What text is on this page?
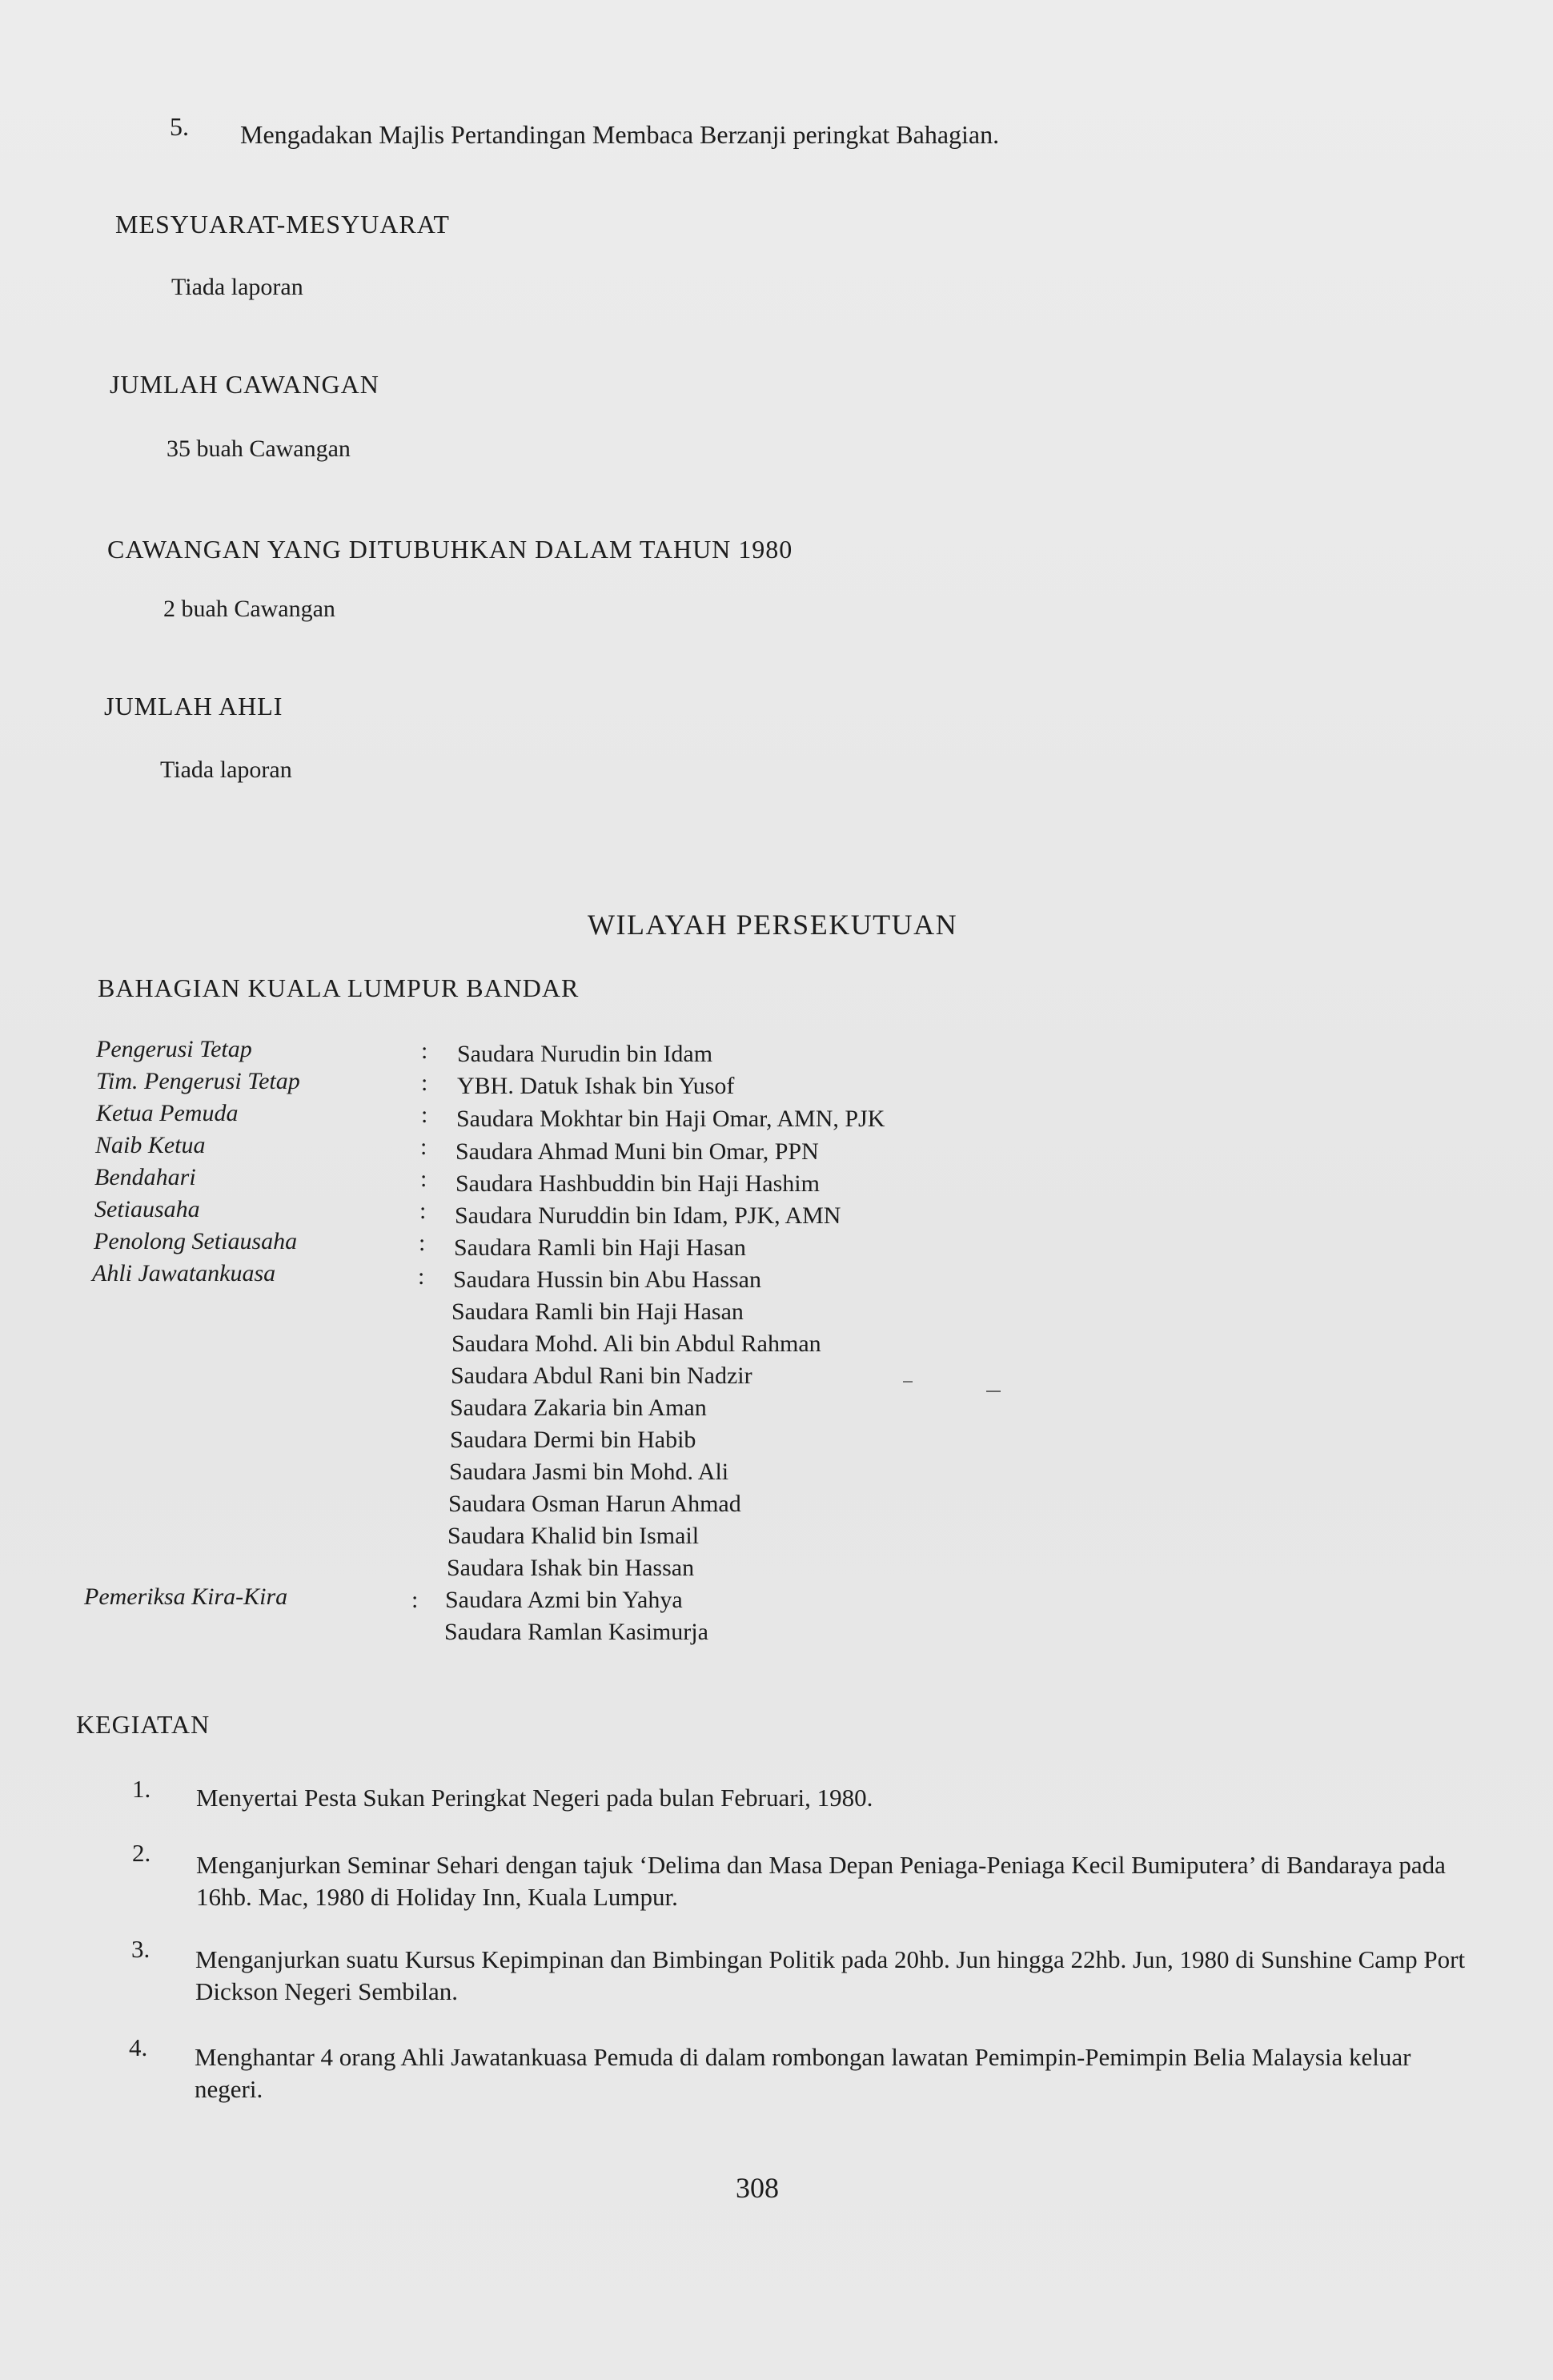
5. Mengadakan Majlis Pertandingan Membaca Berzanji peringkat Bahagian.
MESYUARAT-MESYUARAT
Tiada laporan
JUMLAH CAWANGAN
35 buah Cawangan
CAWANGAN YANG DITUBUHKAN DALAM TAHUN 1980
2 buah Cawangan
JUMLAH AHLI
Tiada laporan
WILAYAH PERSEKUTUAN
BAHAGIAN KUALA LUMPUR BANDAR
Pengerusi Tetap
Tim. Pengerusi Tetap
Ketua Pemuda
Naib Ketua
Bendahari
Setiausaha
Penolong Setiausaha
Ahli Jawatankuasa
:
:
:
:
:
:
:
:
Saudara Nurudin bin Idam
YBH. Datuk Ishak bin Yusof
Saudara Mokhtar bin Haji Omar, AMN, PJK
Saudara Ahmad Muni bin Omar, PPN
Saudara Hashbuddin bin Haji Hashim
Saudara Nuruddin bin Idam, PJK, AMN
Saudara Ramli bin Haji Hasan
Saudara Hussin bin Abu Hassan
Saudara Ramli bin Haji Hasan
Saudara Mohd. Ali bin Abdul Rahman
Saudara Abdul Rani bin Nadzir
Saudara Zakaria bin Aman
Saudara Dermi bin Habib
Saudara Jasmi bin Mohd. Ali
Saudara Osman Harun Ahmad
Saudara Khalid bin Ismail
Saudara Ishak bin Hassan
Pemeriksa Kira-Kira	: Saudara Azmi bin Yahya
Saudara Ramlan Kasimurja
KEGIATAN
1. Menyertai Pesta Sukan Peringkat Negeri pada bulan Februari, 1980.
2. Menganjurkan Seminar Sehari dengan tajuk ‘Delima dan Masa Depan Peniaga-Peniaga Kecil Bumiputera’ di Bandaraya pada 16hb. Mac, 1980 di Holiday Inn, Kuala Lumpur.
3. Menganjurkan suatu Kursus Kepimpinan dan Bimbingan Politik pada 20hb. Jun hingga 22hb. Jun, 1980 di Sunshine Camp Port Dickson Negeri Sembilan.
4. Menghantar 4 orang Ahli Jawatankuasa Pemuda di dalam rombongan lawatan Pemimpin-Pemimpin Belia Malaysia keluar negeri.
308
